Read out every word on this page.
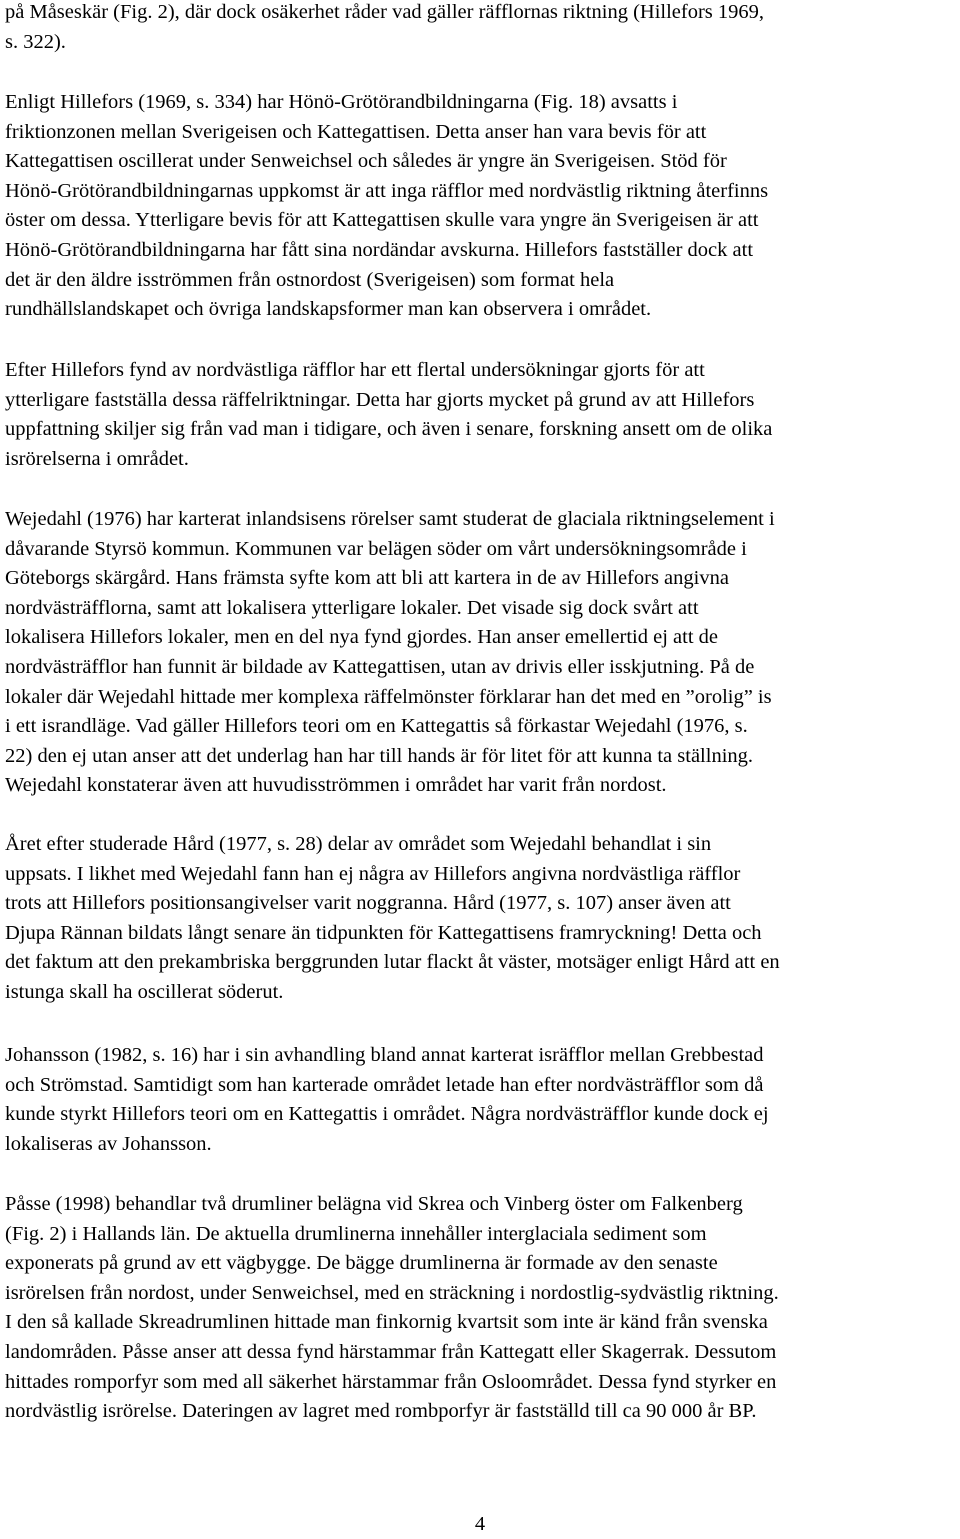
på Måseskär (Fig. 2), där dock osäkerhet råder vad gäller räfflornas riktning (Hillefors 1969,
s. 322).

Enligt Hillefors (1969, s. 334) har Hönö-Grötörandbildningarna (Fig. 18) avsatts i
friktionzonen mellan Sverigeisen och Kattegattisen. Detta anser han vara bevis för att
Kattegattisen oscillerat under Senweichsel och således är yngre än Sverigeisen. Stöd för
Hönö-Grötörandbildningarnas uppkomst är att inga räfflor med nordvästlig riktning återfinns
öster om dessa. Ytterligare bevis för att Kattegattisen skulle vara yngre än Sverigeisen är att
Hönö-Grötörandbildningarna har fått sina nordändar avskurna. Hillefors fastställer dock att
det är den äldre isströmmen från ostnordost (Sverigeisen) som format hela
rundhällslandskapet och övriga landskapsformer man kan observera i området.

Efter Hillefors fynd av nordvästliga räfflor har ett flertal undersökningar gjorts för att
ytterligare fastställa dessa räffelriktningar. Detta har gjorts mycket på grund av att Hillefors
uppfattning skiljer sig från vad man i tidigare, och även i senare, forskning ansett om de olika
isrörelserna i området.

Wejedahl (1976) har karterat inlandsisens rörelser samt studerat de glaciala riktningselement i
dåvarande Styrsö kommun. Kommunen var belägen söder om vårt undersökningsområde i
Göteborgs skärgård. Hans främsta syfte kom att bli att kartera in de av Hillefors angivna
nordvästräfflorna, samt att lokalisera ytterligare lokaler. Det visade sig dock svårt att
lokalisera Hillefors lokaler, men en del nya fynd gjordes. Han anser emellertid ej att de
nordvästräfflor han funnit är bildade av Kattegattisen, utan av drivis eller isskjutning. På de
lokaler där Wejedahl hittade mer komplexa räffelmönster förklarar han det med en ”orolig” is
i ett israndläge. Vad gäller Hillefors teori om en Kattegattis så förkastar Wejedahl (1976, s.
22) den ej utan anser att det underlag han har till hands är för litet för att kunna ta ställning.
Wejedahl konstaterar även att huvudisströmmen i området har varit från nordost.

Året efter studerade Hård (1977, s. 28) delar av området som Wejedahl behandlat i sin
uppsats. I likhet med Wejedahl fann han ej några av Hillefors angivna nordvästliga räfflor
trots att Hillefors positionsangivelser varit noggranna. Hård (1977, s. 107) anser även att
Djupa Rännan bildats långt senare än tidpunkten för Kattegattisens framryckning! Detta och
det faktum att den prekambriska berggrunden lutar flackt åt väster, motsäger enligt Hård att en
istunga skall ha oscillerat söderut.

Johansson (1982, s. 16) har i sin avhandling bland annat karterat isräfflor mellan Grebbestad
och Strömstad. Samtidigt som han karterade området letade han efter nordvästräfflor som då
kunde styrkt Hillefors teori om en Kattegattis i området. Några nordvästräfflor kunde dock ej
lokaliseras av Johansson.

Påsse (1998) behandlar två drumliner belägna vid Skrea och Vinberg öster om Falkenberg
(Fig. 2) i Hallands län. De aktuella drumlinerna innehåller interglaciala sediment som
exponerats på grund av ett vägbygge. De bägge drumlinerna är formade av den senaste
isrörelsen från nordost, under Senweichsel, med en sträckning i nordostlig-sydvästlig riktning.
I den så kallade Skreadrumlinen hittade man finkornig kvartsit som inte är känd från svenska
landområden. Påsse anser att dessa fynd härstammar från Kattegatt eller Skagerrak. Dessutom
hittades romporfyr som med all säkerhet härstammar från Osloområdet. Dessa fynd styrker en
nordvästlig isrörelse. Dateringen av lagret med rombporfyr är fastställd till ca 90 000 år BP.

4
